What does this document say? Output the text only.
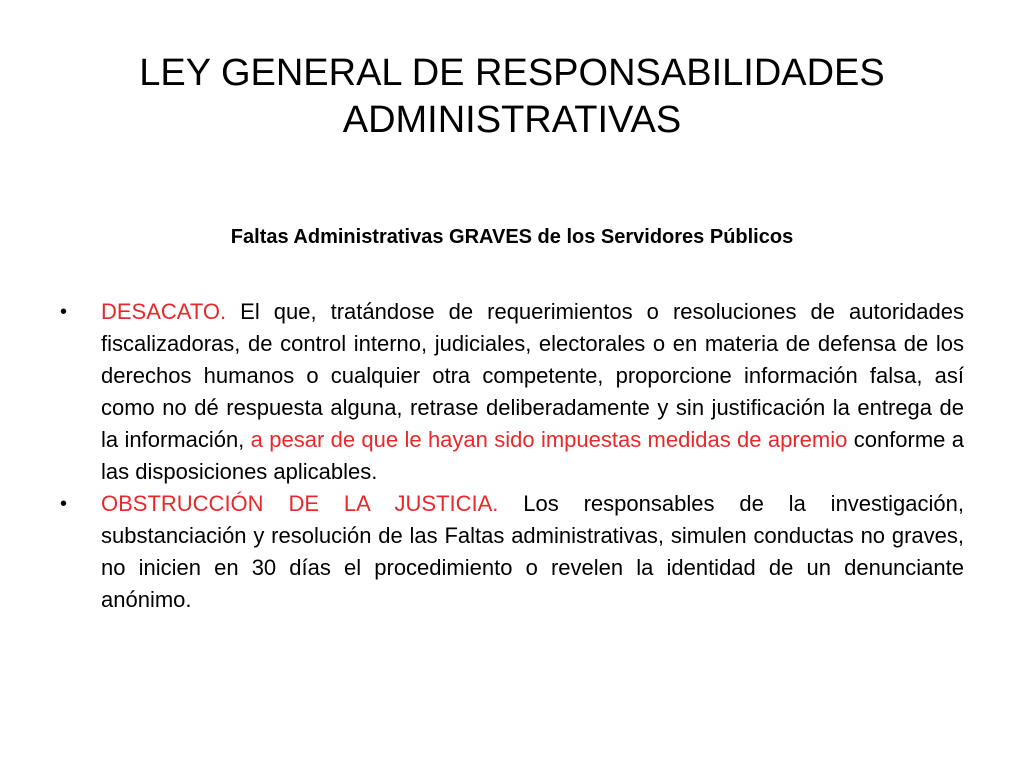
LEY GENERAL DE RESPONSABILIDADES
ADMINISTRATIVAS

Faltas Administrativas GRAVES de los Servidores Públicos

• DESACATO. El que, tratándose de requerimientos o resoluciones de autoridades fiscalizadoras, de control interno, judiciales, electorales o en materia de defensa de los derechos humanos o cualquier otra competente, proporcione información falsa, así como no dé respuesta alguna, retrase deliberadamente y sin justificación la entrega de la información, a pesar de que le hayan sido impuestas medidas de apremio conforme a las disposiciones aplicables.
• OBSTRUCCIÓN DE LA JUSTICIA. Los responsables de la investigación, substanciación y resolución de las Faltas administrativas, simulen conductas no graves, no inicien en 30 días el procedimiento o revelen la identidad de un denunciante anónimo.
